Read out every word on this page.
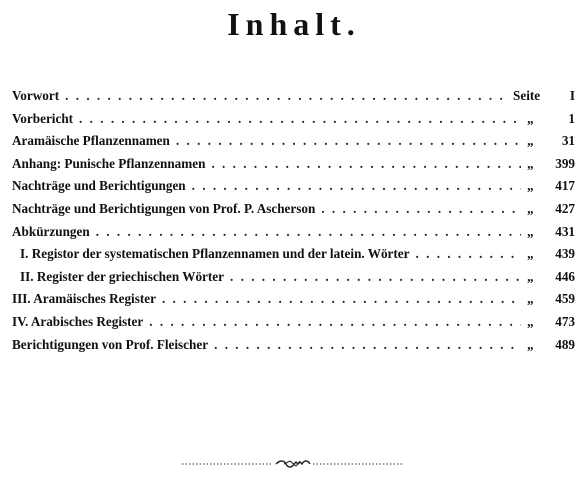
Inhalt.
Vorwort . . .	Seite	I
Vorbericht . . .	„	1
Aramäische Pflanzennamen . . .	„	31
Anhang: Punische Pflanzennamen . . .	„	399
Nachträge und Berichtigungen . . .	„	417
Nachträge und Berichtigungen von Prof. P. Ascherson . . .	„	427
Abkürzungen . . .	„	431
I. Registor der systematischen Pflanzennamen und der latein. Wörter . . .	„	439
II. Register der griechischen Wörter . . .	„	446
III. Aramäisches Register . . .	„	459
IV. Arabisches Register . . .	„	473
Berichtigungen von Prof. Fleischer . . .	„	489
